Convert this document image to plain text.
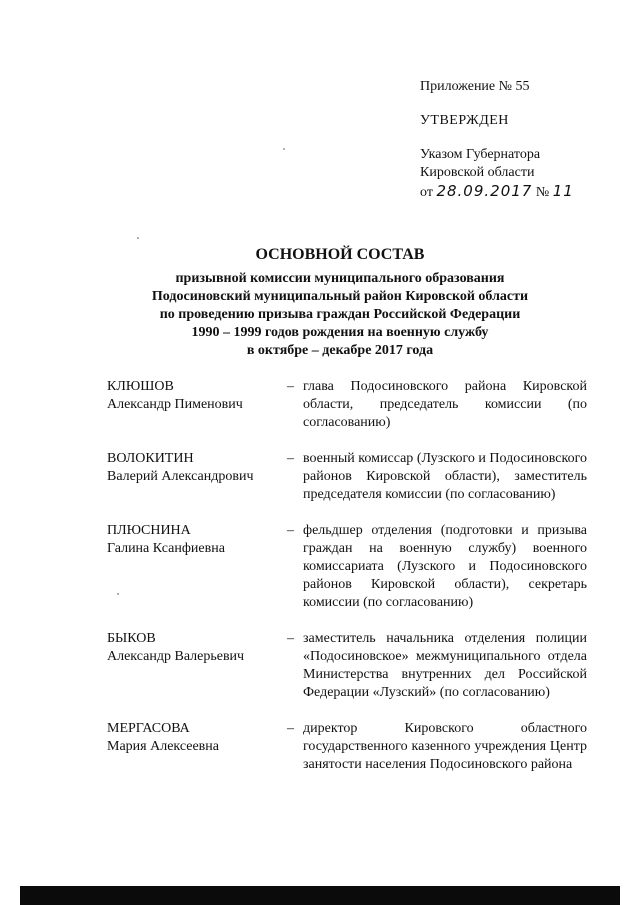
Приложение № 55

УТВЕРЖДЕН

Указом Губернатора

Кировской области

от 28.09.2017 № 11

ОСНОВНОЙ СОСТАВ
призывной комиссии муниципального образования
Подосиновский муниципальный район Кировской области
по проведению призыва граждан Российской Федерации
1990 – 1999 годов рождения на военную службу
в октябре – декабре 2017 года
КЛЮШОВ
Александр Пименович
– глава Подосиновского района Кировской области, председатель комиссии (по согласованию)
ВОЛОКИТИН
Валерий Александрович
– военный комиссар (Лузского и Подосиновского районов Кировской области), заместитель председателя комиссии (по согласованию)
ПЛЮСНИНА
Галина Ксанфиевна
– фельдшер отделения (подготовки и призыва граждан на военную службу) военного комиссариата (Лузского и Подосиновского районов Кировской области), секретарь комиссии (по согласованию)
БЫКОВ
Александр Валерьевич
– заместитель начальника отделения полиции «Подосиновское» межмуниципального отдела Министерства внутренних дел Российской Федерации «Лузский» (по согласованию)
МЕРГАСОВА
Мария Алексеевна
– директор Кировского областного государственного казенного учреждения Центр занятости населения Подосиновского района
